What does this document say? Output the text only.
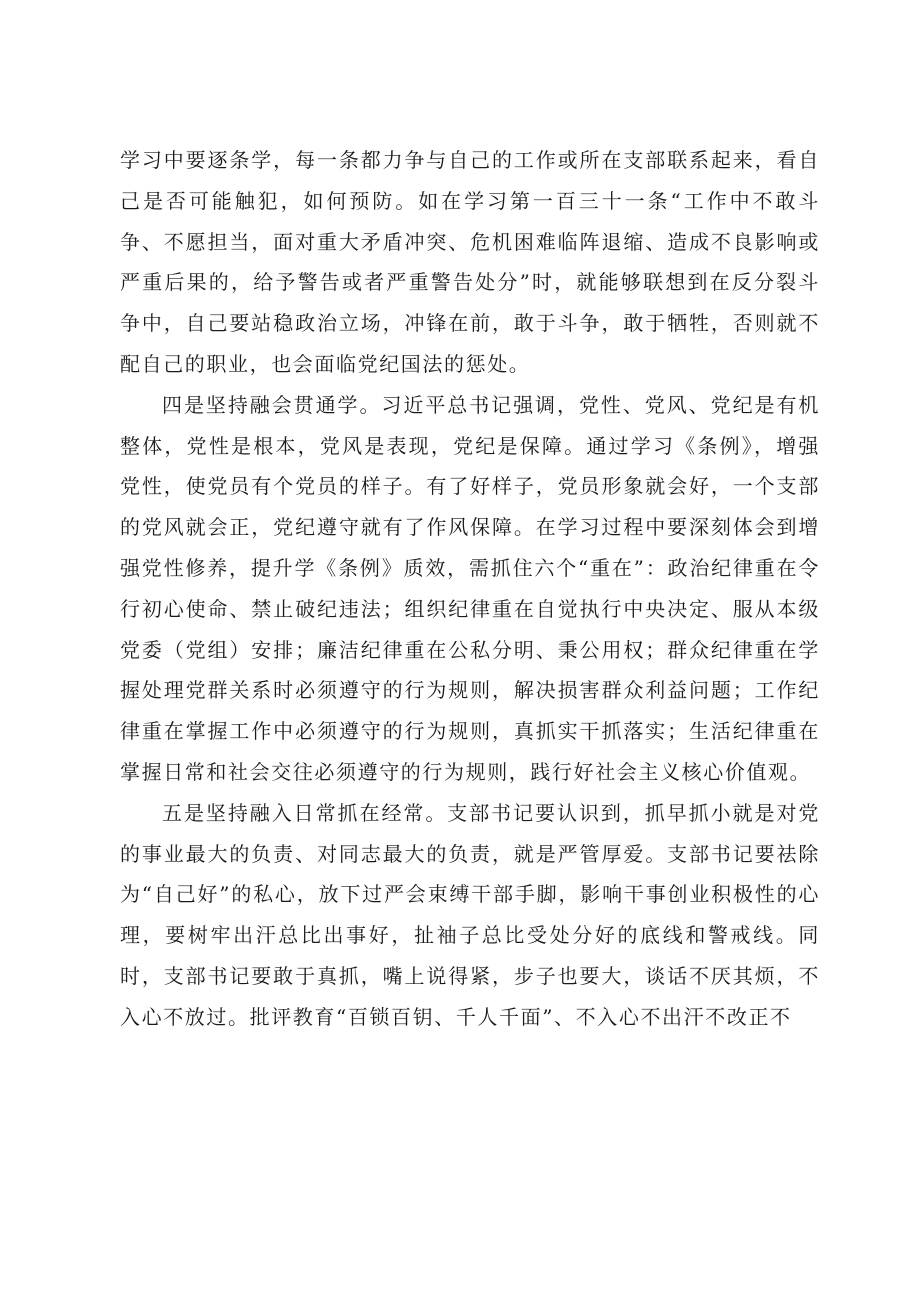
学习中要逐条学，每一条都力争与自己的工作或所在支部联系起来，看自己是否可能触犯，如何预防。如在学习第一百三十一条“工作中不敢斗争、不愿担当，面对重大矛盾冲突、危机困难临阵退缩、造成不良影响或严重后果的，给予警告或者严重警告处分”时，就能够联想到在反分裂斗争中，自己要站稳政治立场，冲锋在前，敢于斗争，敢于牺牲，否则就不配自己的职业，也会面临党纪国法的惩处。

四是坚持融会贯通学。习近平总书记强调，党性、党风、党纪是有机整体，党性是根本，党风是表现，党纪是保障。通过学习《条例》，增强党性，使党员有个党员的样子。有了好样子，党员形象就会好，一个支部的党风就会正，党纪遵守就有了作风保障。在学习过程中要深刻体会到增强党性修养，提升学《条例》质效，需抓住六个“重在”：政治纪律重在令行初心使命、禁止破纪违法；组织纪律重在自觉执行中央决定、服从本级党委（党组）安排；廉洁纪律重在公私分明、秉公用权；群众纪律重在学握处理党群关系时必须遵守的行为规则，解决损害群众利益问题；工作纪律重在掌握工作中必须遵守的行为规则，真抓实干抓落实；生活纪律重在掌握日常和社会交往必须遵守的行为规则，践行好社会主义核心价值观。

五是坚持融入日常抓在经常。支部书记要认识到，抓早抓小就是对党的事业最大的负责、对同志最大的负责，就是严管厚爱。支部书记要祛除为“自己好”的私心，放下过严会束缚干部手脚，影响干事创业积极性的心理，要树牢出汗总比出事好，扯袖子总比受处分好的底线和警戒线。同时，支部书记要敢于真抓，嘴上说得紧，步子也要大，谈话不厌其烦，不入心不放过。批评教育“百锁百钥、千人千面”、不入心不出汗不改正不
